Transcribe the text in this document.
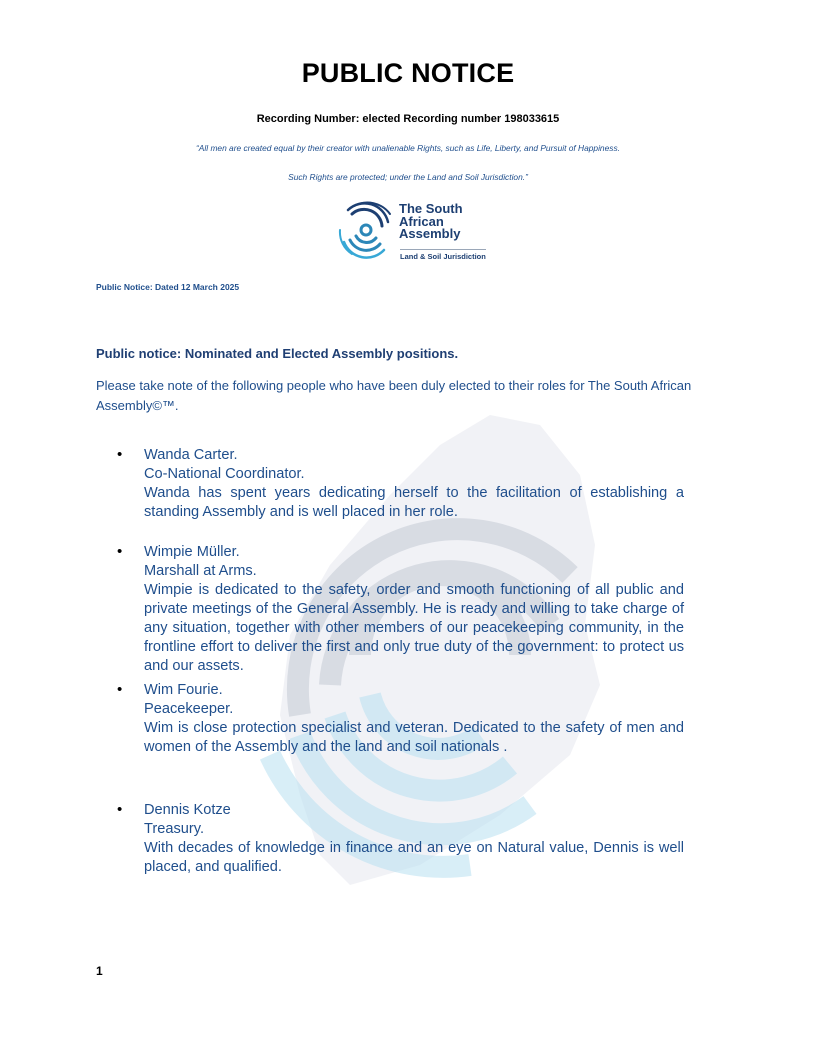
PUBLIC NOTICE
Recording Number: elected Recording number 198033615
“All men are created equal by their creator with unalienable Rights, such as Life, Liberty, and Pursuit of Happiness.
Such Rights are protected; under the Land and Soil Jurisdiction.”
The South
African
Assembly
Land & Soil Jurisdiction
Public Notice: Dated 12 March 2025
Public notice: Nominated and Elected Assembly positions.
Please take note of the following people who have been duly elected to their roles for The South African Assembly©™.
• Wanda Carter.
Co-National Coordinator.
Wanda has spent years dedicating herself to the facilitation of establishing a standing Assembly and is well placed in her role.
• Wimpie Müller.
Marshall at Arms.
Wimpie is dedicated to the safety, order and smooth functioning of all public and private meetings of the General Assembly. He is ready and willing to take charge of any situation, together with other members of our peacekeeping community, in the frontline effort to deliver the first and only true duty of the government: to protect us and our assets.
• Wim Fourie.
Peacekeeper.
Wim is close protection specialist and veteran. Dedicated to the safety of men and women of the Assembly and the land and soil nationals .
• Dennis Kotze
Treasury.
With decades of knowledge in finance and an eye on Natural value, Dennis is well placed, and qualified.
1
